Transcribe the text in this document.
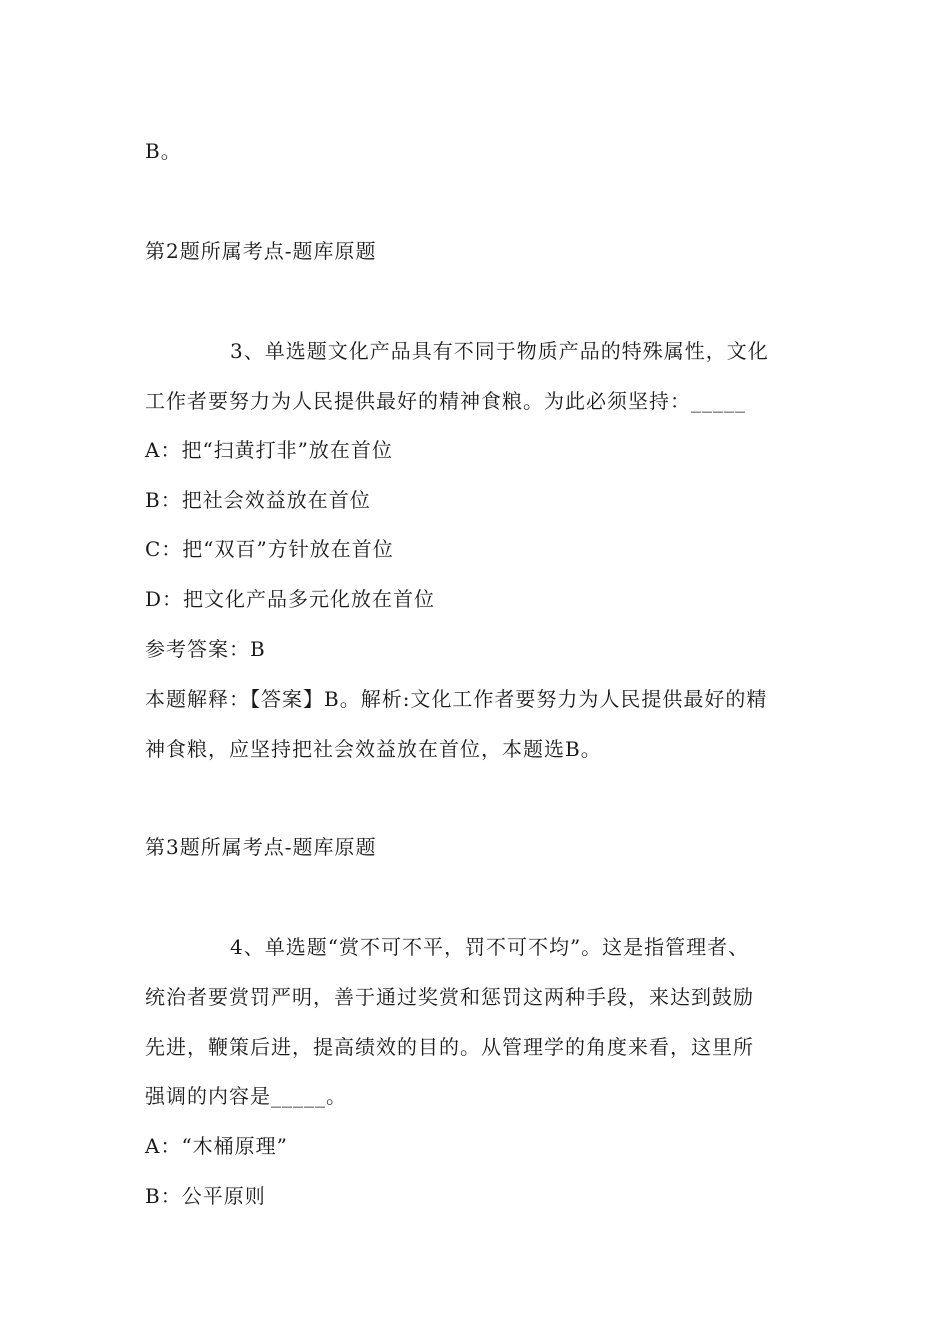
B。
第2题所属考点-题库原题
3、单选题文化产品具有不同于物质产品的特殊属性，文化
工作者要努力为人民提供最好的精神食粮。为此必须坚持：_____
A：把“扫黄打非”放在首位
B：把社会效益放在首位
C：把“双百”方针放在首位
D：把文化产品多元化放在首位
参考答案：B
本题解释：【答案】B。解析:文化工作者要努力为人民提供最好的精
神食粮，应坚持把社会效益放在首位，本题选B。
第3题所属考点-题库原题
4、单选题“赏不可不平，罚不可不均”。这是指管理者、
统治者要赏罚严明，善于通过奖赏和惩罚这两种手段，来达到鼓励
先进，鞭策后进，提高绩效的目的。从管理学的角度来看，这里所
强调的内容是_____。
A：“木桶原理”
B：公平原则
